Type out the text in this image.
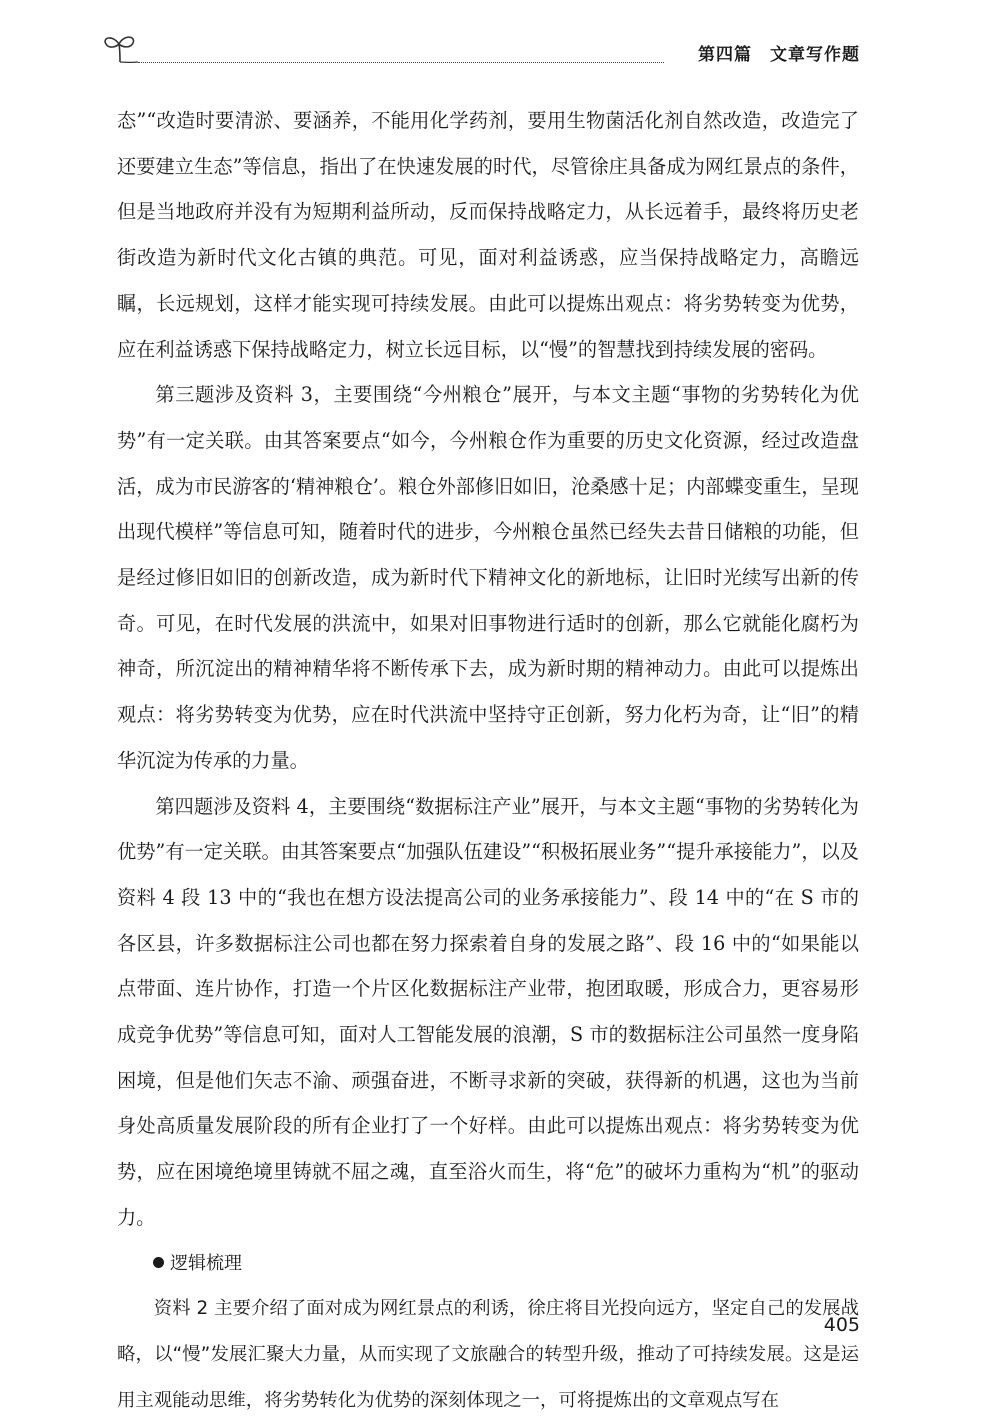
第四篇 文章写作题

态”“改造时要清淤、要涵养，不能用化学药剂，要用生物菌活化剂自然改造，改造完了还要建立生态”等信息，指出了在快速发展的时代，尽管徐庄具备成为网红景点的条件，但是当地政府并没有为短期利益所动，反而保持战略定力，从长远着手，最终将历史老街改造为新时代文化古镇的典范。可见，面对利益诱惑，应当保持战略定力，高瞻远瞩，长远规划，这样才能实现可持续发展。由此可以提炼出观点：将劣势转变为优势，应在利益诱惑下保持战略定力，树立长远目标，以“慢”的智慧找到持续发展的密码。

第三题涉及资料 3，主要围绕“今州粮仓”展开，与本文主题“事物的劣势转化为优势”有一定关联。由其答案要点“如今，今州粮仓作为重要的历史文化资源，经过改造盘活，成为市民游客的‘精神粮仓’。粮仓外部修旧如旧，沧桑感十足；内部蝶变重生，呈现出现代模样”等信息可知，随着时代的进步，今州粮仓虽然已经失去昔日储粮的功能，但是经过修旧如旧的创新改造，成为新时代下精神文化的新地标，让旧时光续写出新的传奇。可见，在时代发展的洪流中，如果对旧事物进行适时的创新，那么它就能化腐朽为神奇，所沉淀出的精神精华将不断传承下去，成为新时期的精神动力。由此可以提炼出观点：将劣势转变为优势，应在时代洪流中坚持守正创新，努力化朽为奇，让“旧”的精华沉淀为传承的力量。

第四题涉及资料 4，主要围绕“数据标注产业”展开，与本文主题“事物的劣势转化为优势”有一定关联。由其答案要点“加强队伍建设”“积极拓展业务”“提升承接能力”，以及资料 4 段 13 中的“我也在想方设法提高公司的业务承接能力”、段 14 中的“在 S 市的各区县，许多数据标注公司也都在努力探索着自身的发展之路”、段 16 中的“如果能以点带面、连片协作，打造一个片区化数据标注产业带，抱团取暖，形成合力，更容易形成竞争优势”等信息可知，面对人工智能发展的浪潮，S 市的数据标注公司虽然一度身陷困境，但是他们矢志不渝、顽强奋进，不断寻求新的突破，获得新的机遇，这也为当前身处高质量发展阶段的所有企业打了一个好样。由此可以提炼出观点：将劣势转变为优势，应在困境绝境里铸就不屈之魂，直至浴火而生，将“危”的破坏力重构为“机”的驱动力。

逻辑梳理

资料 2 主要介绍了面对成为网红景点的利诱，徐庄将目光投向远方，坚定自己的发展战略，以“慢”发展汇聚大力量，从而实现了文旅融合的转型升级，推动了可持续发展。这是运用主观能动思维，将劣势转化为优势的深刻体现之一，可将提炼出的文章观点写在

405
